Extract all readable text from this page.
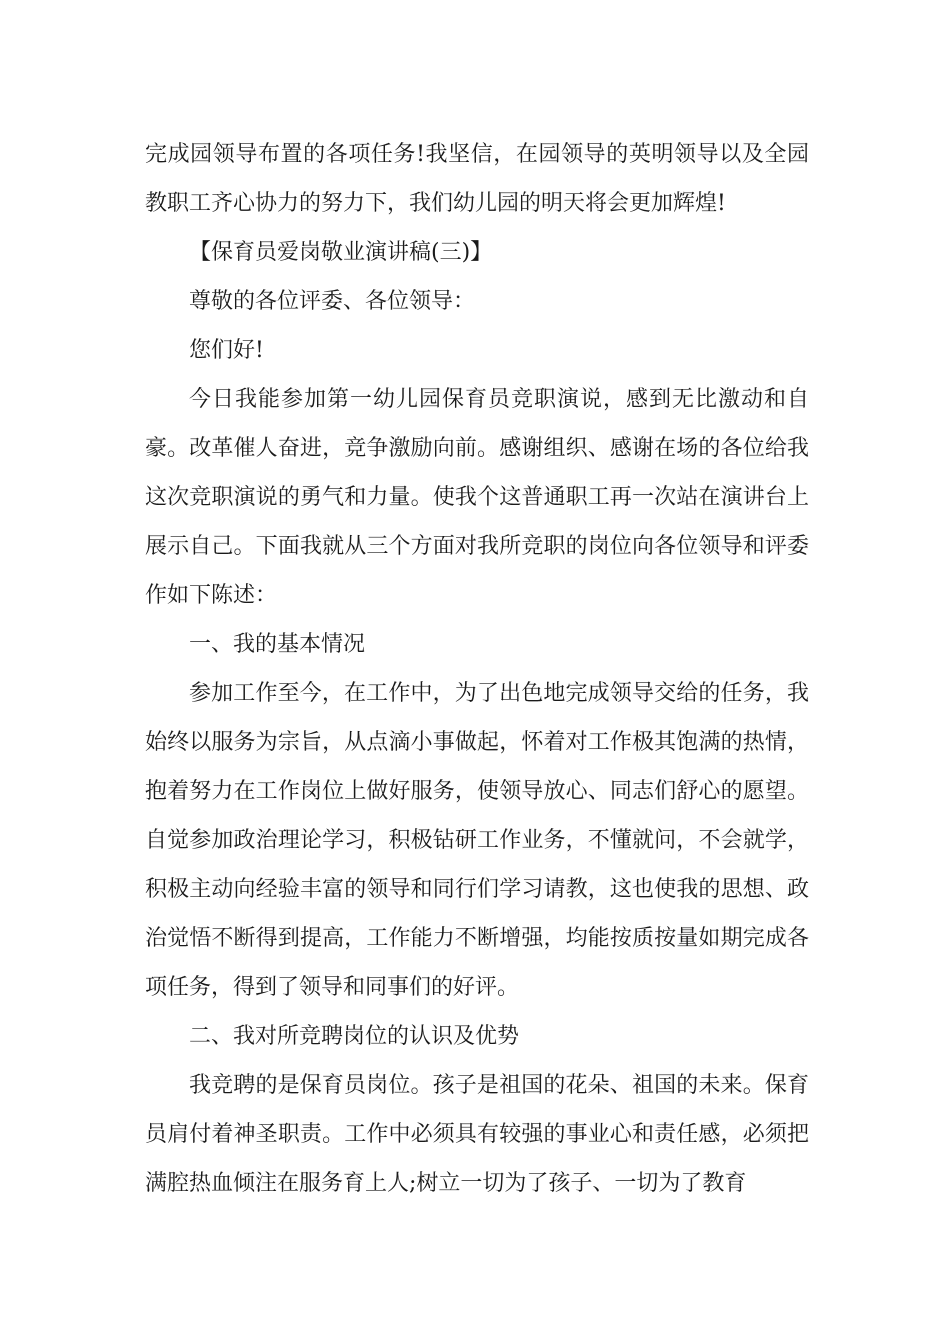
完成园领导布置的各项任务!我坚信，在园领导的英明领导以及全园教职工齐心协力的努力下，我们幼儿园的明天将会更加辉煌!

【保育员爱岗敬业演讲稿(三)】

尊敬的各位评委、各位领导：

您们好!

今日我能参加第一幼儿园保育员竞职演说，感到无比激动和自豪。改革催人奋进，竞争激励向前。感谢组织、感谢在场的各位给我这次竞职演说的勇气和力量。使我个这普通职工再一次站在演讲台上展示自己。下面我就从三个方面对我所竞职的岗位向各位领导和评委作如下陈述：

一、我的基本情况

参加工作至今，在工作中，为了出色地完成领导交给的任务，我始终以服务为宗旨，从点滴小事做起，怀着对工作极其饱满的热情，抱着努力在工作岗位上做好服务，使领导放心、同志们舒心的愿望。自觉参加政治理论学习，积极钻研工作业务，不懂就问，不会就学，积极主动向经验丰富的领导和同行们学习请教，这也使我的思想、政治觉悟不断得到提高，工作能力不断增强，均能按质按量如期完成各项任务，得到了领导和同事们的好评。

二、我对所竞聘岗位的认识及优势

我竞聘的是保育员岗位。孩子是祖国的花朵、祖国的未来。保育员肩付着神圣职责。工作中必须具有较强的事业心和责任感，必须把满腔热血倾注在服务育上人;树立一切为了孩子、一切为了教育
